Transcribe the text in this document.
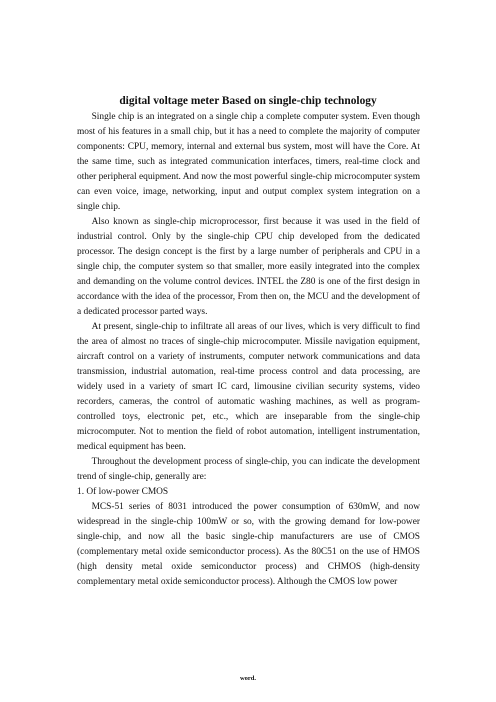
digital voltage meter Based on single-chip technology

Single chip is an integrated on a single chip a complete computer system. Even though most of his features in a small chip, but it has a need to complete the majority of computer components: CPU, memory, internal and external bus system, most will have the Core. At the same time, such as integrated communication interfaces, timers, real-time clock and other peripheral equipment. And now the most powerful single-chip microcomputer system can even voice, image, networking, input and output complex system integration on a single chip.

Also known as single-chip microprocessor, first because it was used in the field of industrial control. Only by the single-chip CPU chip developed from the dedicated processor. The design concept is the first by a large number of peripherals and CPU in a single chip, the computer system so that smaller, more easily integrated into the complex and demanding on the volume control devices. INTEL the Z80 is one of the first design in accordance with the idea of the processor, From then on, the MCU and the development of a dedicated processor parted ways.

At present, single-chip to infiltrate all areas of our lives, which is very difficult to find the area of almost no traces of single-chip microcomputer. Missile navigation equipment, aircraft control on a variety of instruments, computer network communications and data transmission, industrial automation, real-time process control and data processing, are widely used in a variety of smart IC card, limousine civilian security systems, video recorders, cameras, the control of automatic washing machines, as well as program-controlled toys, electronic pet, etc., which are inseparable from the single-chip microcomputer. Not to mention the field of robot automation, intelligent instrumentation, medical equipment has been.

Throughout the development process of single-chip, you can indicate the development trend of single-chip, generally are:

1. Of low-power CMOS

MCS-51 series of 8031 introduced the power consumption of 630mW, and now widespread in the single-chip 100mW or so, with the growing demand for low-power single-chip, and now all the basic single-chip manufacturers are use of CMOS (complementary metal oxide semiconductor process). As the 80C51 on the use of HMOS (high density metal oxide semiconductor process) and CHMOS (high-density complementary metal oxide semiconductor process). Although the CMOS low power

word.
